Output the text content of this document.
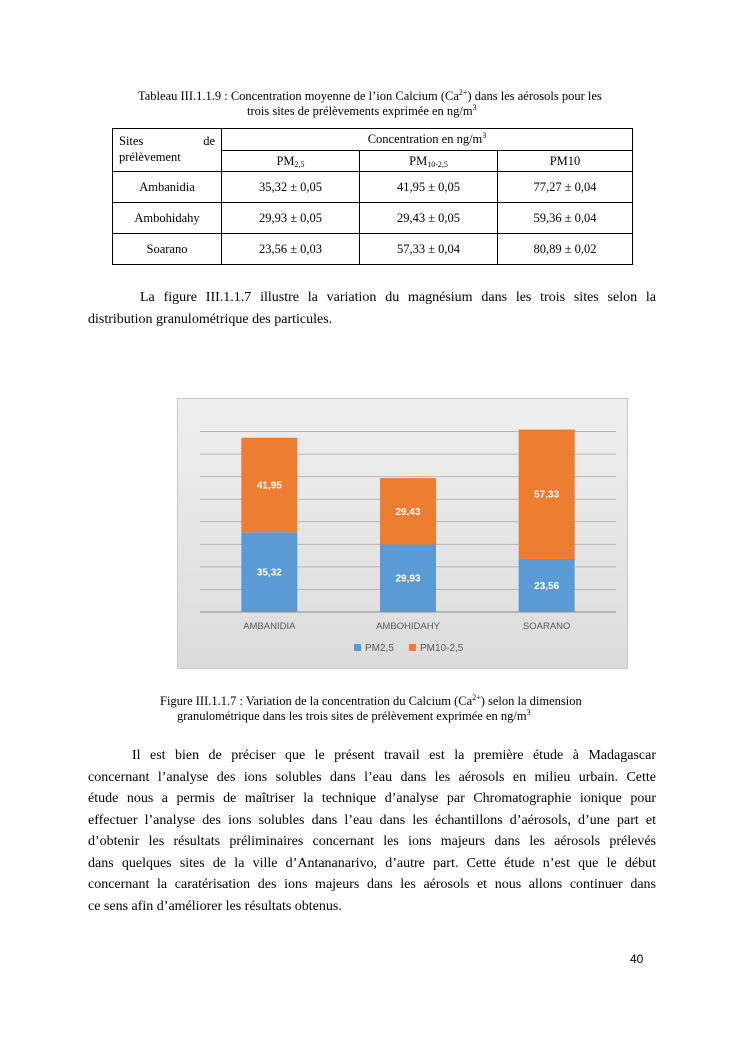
Tableau III.1.1.9 : Concentration moyenne de l’ion Calcium $(Ca^{2+})$ dans les aérosols pour les
trois sites de prélèvements exprimée en $ng/m^3$
Sites de
prélèvement	Concentration en $ng/m^3$
	$PM_{2,5}$	$PM_{10-2,5}$	PM10
Ambanidia	35,32 ± 0,05	41,95 ± 0,05	77,27 ± 0,04
Ambohidahy	29,93 ± 0,05	29,43 ± 0,05	59,36 ± 0,04
Soarano	23,56 ± 0,03	57,33 ± 0,04	80,89 ± 0,02
La figure III.1.1.7 illustre la variation du magnésium dans les trois sites selon la
distribution granulométrique des particules.
35,32
41,95
AMBANIDIA
29,93
29,43
AMBOHIDAHY
23,56
57,33
SOARANO
PM2,5	PM10-2,5
Figure III.1.1.7 : Variation de la concentration du Calcium $(Ca^{2+})$ selon la dimension
granulométrique dans les trois sites de prélèvement exprimée en $ng/m^3$
Il est bien de préciser que le présent travail est la première étude à Madagascar
concernant l’analyse des ions solubles dans l’eau dans les aérosols en milieu urbain. Cette
étude nous a permis de maîtriser la technique d’analyse par Chromatographie ionique pour
effectuer l’analyse des ions solubles dans l’eau dans les échantillons d’aérosols, d’une part et
d’obtenir les résultats préliminaires concernant les ions majeurs dans les aérosols prélevés
dans quelques sites de la ville d’Antananarivo, d’autre part. Cette étude n’est que le début
concernant la caratérisation des ions majeurs dans les aérosols et nous allons continuer dans
ce sens afin d’améliorer les résultats obtenus.
40
